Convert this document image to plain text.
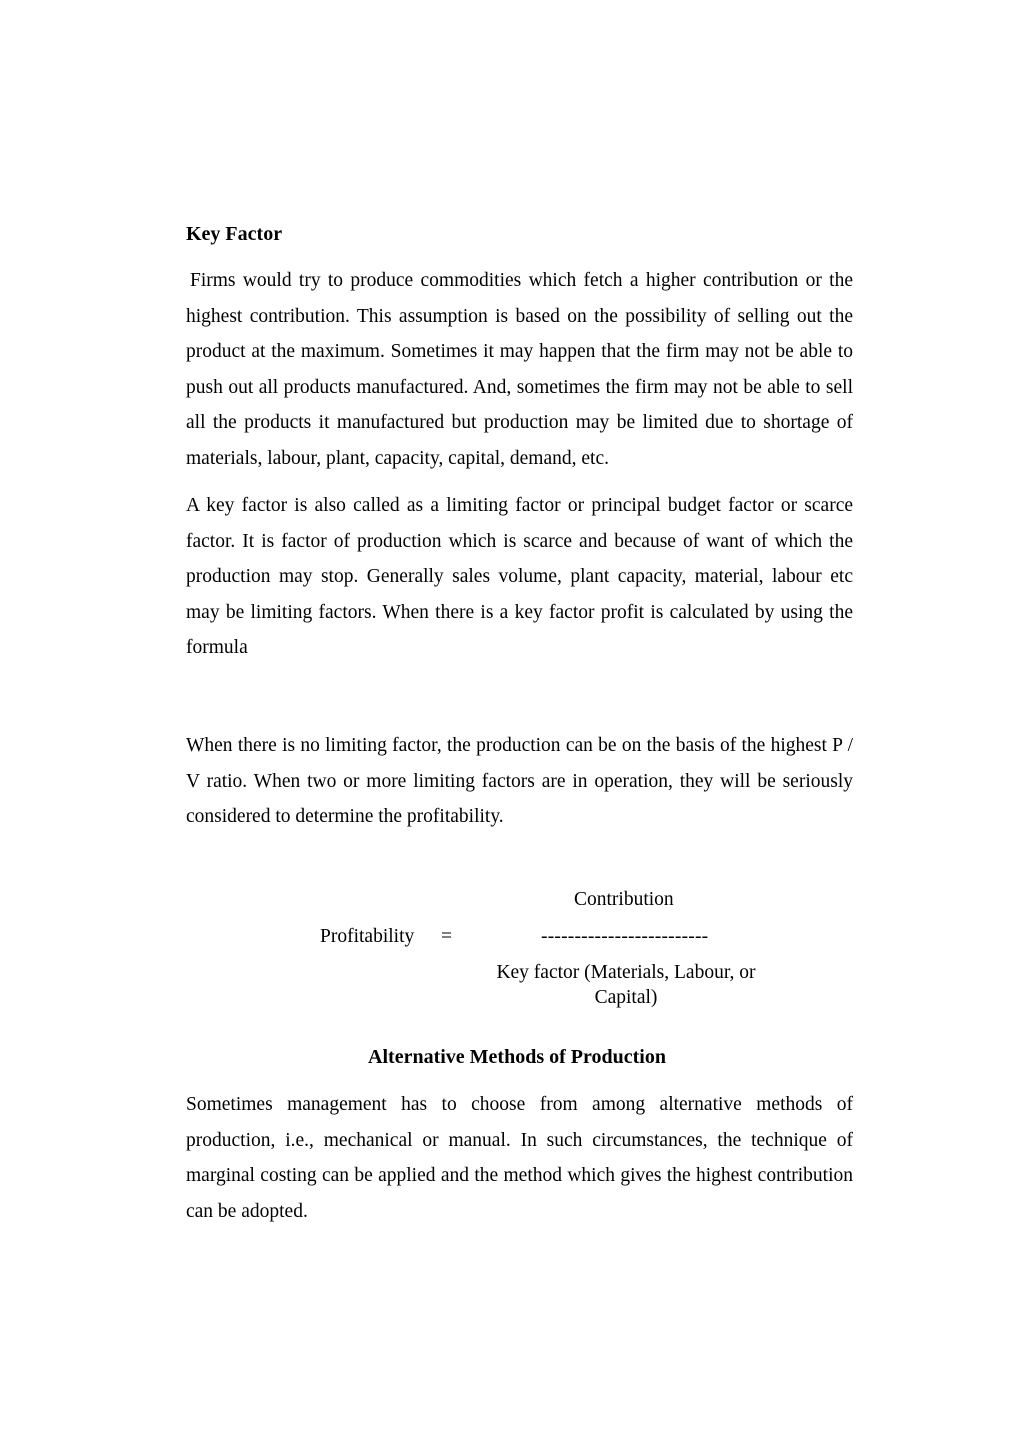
Key Factor

Firms would try to produce commodities which fetch a higher contribution or the highest contribution. This assumption is based on the possibility of selling out the product at the maximum. Sometimes it may happen that the firm may not be able to push out all products manufactured. And, sometimes the firm may not be able to sell all the products it manufactured but production may be limited due to shortage of materials, labour, plant, capacity, capital, demand, etc.

A key factor is also called as a limiting factor or principal budget factor or scarce factor. It is factor of production which is scarce and because of want of which the production may stop. Generally sales volume, plant capacity, material, labour etc may be limiting factors. When there is a key factor profit is calculated by using the formula

When there is no limiting factor, the production can be on the basis of the highest P / V ratio. When two or more limiting factors are in operation, they will be seriously considered to determine the profitability.

Contribution

Profitability =	-------------------------

Key factor (Materials, Labour, or Capital)

Alternative Methods of Production

Sometimes management has to choose from among alternative methods of production, i.e., mechanical or manual. In such circumstances, the technique of marginal costing can be applied and the method which gives the highest contribution can be adopted.
